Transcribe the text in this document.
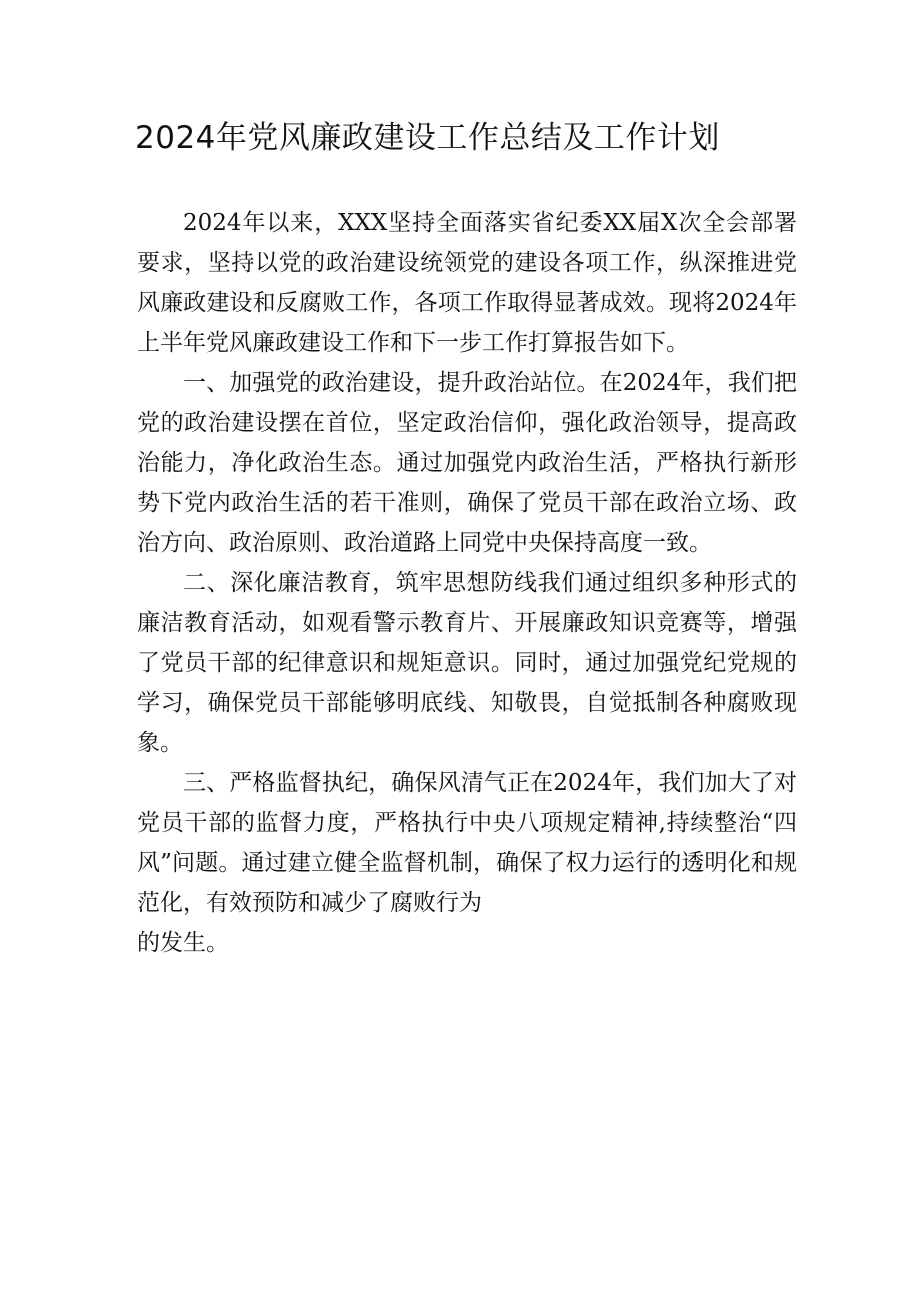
2024年党风廉政建设工作总结及工作计划

2024年以来，XXX坚持全面落实省纪委XX届X次全会部署要求，坚持以党的政治建设统领党的建设各项工作，纵深推进党风廉政建设和反腐败工作，各项工作取得显著成效。现将2024年上半年党风廉政建设工作和下一步工作打算报告如下。

一、加强党的政治建设，提升政治站位。在2024年，我们把党的政治建设摆在首位，坚定政治信仰，强化政治领导，提高政治能力，净化政治生态。通过加强党内政治生活，严格执行新形势下党内政治生活的若干准则，确保了党员干部在政治立场、政治方向、政治原则、政治道路上同党中央保持高度一致。

二、深化廉洁教育，筑牢思想防线我们通过组织多种形式的廉洁教育活动，如观看警示教育片、开展廉政知识竞赛等，增强了党员干部的纪律意识和规矩意识。同时，通过加强党纪党规的学习，确保党员干部能够明底线、知敬畏，自觉抵制各种腐败现象。

三、严格监督执纪，确保风清气正在2024年，我们加大了对党员干部的监督力度，严格执行中央八项规定精神,持续整治“四风”问题。通过建立健全监督机制，确保了权力运行的透明化和规范化，有效预防和减少了腐败行为

的发生。
